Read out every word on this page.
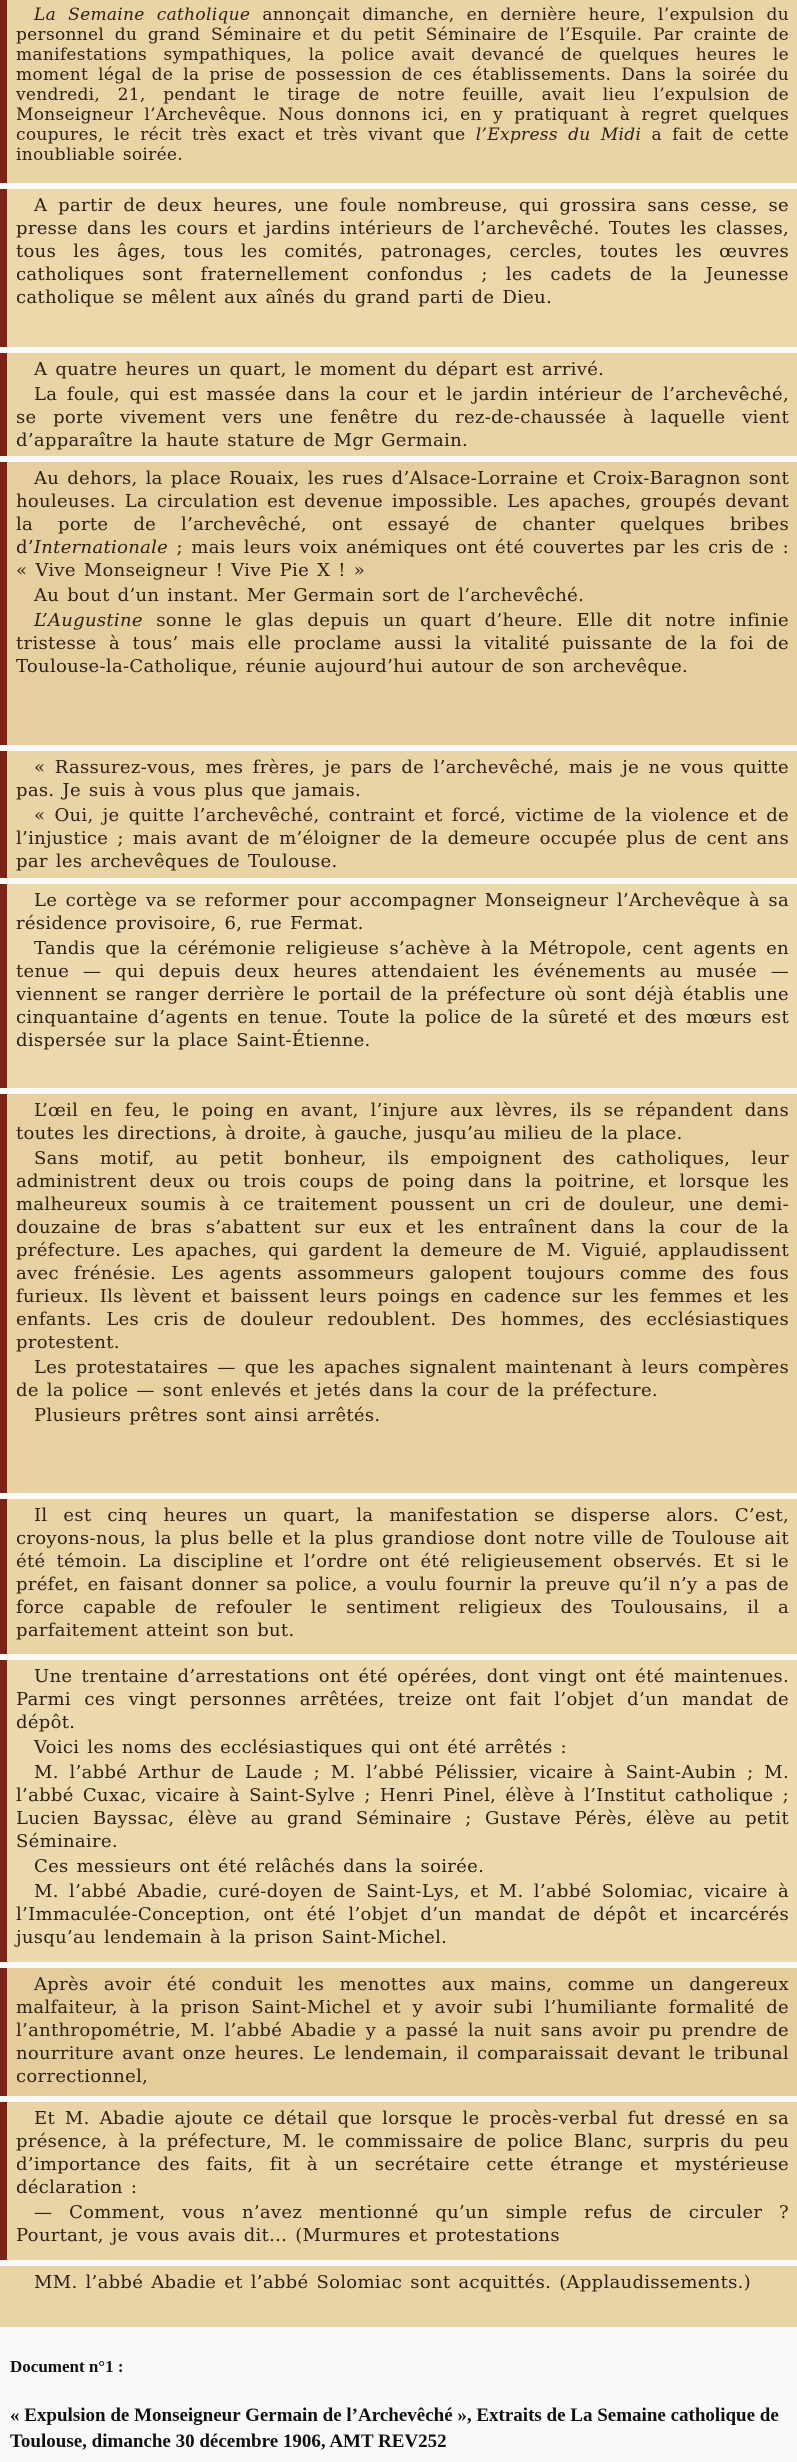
La Semaine catholique annonçait dimanche, en dernière heure, l’expulsion du personnel du grand Séminaire et du petit Séminaire de l’Esquile. Par crainte de manifestations sympathiques, la police avait devancé de quelques heures le moment légal de la prise de possession de ces établissements. Dans la soirée du vendredi, 21, pendant le tirage de notre feuille, avait lieu l’expulsion de Monseigneur l’Archevêque. Nous donnons ici, en y pratiquant à regret quelques coupures, le récit très exact et très vivant que l’Express du Midi a fait de cette inoubliable soirée.

A partir de deux heures, une foule nombreuse, qui grossira sans cesse, se presse dans les cours et jardins intérieurs de l’archevêché. Toutes les classes, tous les âges, tous les comités, patronages, cercles, toutes les œuvres catholiques sont fraternellement confondus ; les cadets de la Jeunesse catholique se mêlent aux aînés du grand parti de Dieu.

A quatre heures un quart, le moment du départ est arrivé.

La foule, qui est massée dans la cour et le jardin intérieur de l’archevêché, se porte vivement vers une fenêtre du rez-de-chaussée à laquelle vient d’apparaître la haute stature de Mgr Germain.

Au dehors, la place Rouaix, les rues d’Alsace-Lorraine et Croix-Baragnon sont houleuses. La circulation est devenue impossible. Les apaches, groupés devant la porte de l’archevêché, ont essayé de chanter quelques bribes d’Internationale ; mais leurs voix anémiques ont été couvertes par les cris de : « Vive Monseigneur ! Vive Pie X ! »

Au bout d’un instant. Mer Germain sort de l’archevêché.

L’Augustine sonne le glas depuis un quart d’heure. Elle dit notre infinie tristesse à tous’ mais elle proclame aussi la vitalité puissante de la foi de Toulouse-la-Catholique, réunie aujourd’hui autour de son archevêque.

« Rassurez-vous, mes frères, je pars de l’archevêché, mais je ne vous quitte pas. Je suis à vous plus que jamais.

« Oui, je quitte l’archevêché, contraint et forcé, victime de la violence et de l’injustice ; mais avant de m’éloigner de la demeure occupée plus de cent ans par les archevêques de Toulouse.

Le cortège va se reformer pour accompagner Monseigneur l’Archevêque à sa résidence provisoire, 6, rue Fermat.

Tandis que la cérémonie religieuse s’achève à la Métropole, cent agents en tenue — qui depuis deux heures attendaient les événements au musée — viennent se ranger derrière le portail de la préfecture où sont déjà établis une cinquantaine d’agents en tenue. Toute la police de la sûreté et des mœurs est dispersée sur la place Saint-Étienne.

L’œil en feu, le poing en avant, l’injure aux lèvres, ils se répandent dans toutes les directions, à droite, à gauche, jusqu’au milieu de la place.

Sans motif, au petit bonheur, ils empoignent des catholiques, leur administrent deux ou trois coups de poing dans la poitrine, et lorsque les malheureux soumis à ce traitement poussent un cri de douleur, une demi-douzaine de bras s’abattent sur eux et les entraînent dans la cour de la préfecture. Les apaches, qui gardent la demeure de M. Viguié, applaudissent avec frénésie. Les agents assommeurs galopent toujours comme des fous furieux. Ils lèvent et baissent leurs poings en cadence sur les femmes et les enfants. Les cris de douleur redoublent. Des hommes, des ecclésiastiques protestent.

Les protestataires — que les apaches signalent maintenant à leurs compères de la police — sont enlevés et jetés dans la cour de la préfecture.

Plusieurs prêtres sont ainsi arrêtés.

Il est cinq heures un quart, la manifestation se disperse alors. C’est, croyons-nous, la plus belle et la plus grandiose dont notre ville de Toulouse ait été témoin. La discipline et l’ordre ont été religieusement observés. Et si le préfet, en faisant donner sa police, a voulu fournir la preuve qu’il n’y a pas de force capable de refouler le sentiment religieux des Toulousains, il a parfaitement atteint son but.

Une trentaine d’arrestations ont été opérées, dont vingt ont été maintenues. Parmi ces vingt personnes arrêtées, treize ont fait l’objet d’un mandat de dépôt.

Voici les noms des ecclésiastiques qui ont été arrêtés :

M. l’abbé Arthur de Laude ; M. l’abbé Pélissier, vicaire à Saint-Aubin ; M. l’abbé Cuxac, vicaire à Saint-Sylve ; Henri Pinel, élève à l’Institut catholique ; Lucien Bayssac, élève au grand Séminaire ; Gustave Pérès, élève au petit Séminaire.

Ces messieurs ont été relâchés dans la soirée.

M. l’abbé Abadie, curé-doyen de Saint-Lys, et M. l’abbé Solomiac, vicaire à l’Immaculée-Conception, ont été l’objet d’un mandat de dépôt et incarcérés jusqu’au lendemain à la prison Saint-Michel.

Après avoir été conduit les menottes aux mains, comme un dangereux malfaiteur, à la prison Saint-Michel et y avoir subi l’humiliante formalité de l’anthropométrie, M. l’abbé Abadie y a passé la nuit sans avoir pu prendre de nourriture avant onze heures. Le lendemain, il comparaissait devant le tribunal correctionnel,

Et M. Abadie ajoute ce détail que lorsque le procès-verbal fut dressé en sa présence, à la préfecture, M. le commissaire de police Blanc, surpris du peu d’importance des faits, fit à un secrétaire cette étrange et mystérieuse déclaration :

— Comment, vous n’avez mentionné qu’un simple refus de circuler ? Pourtant, je vous avais dit... (Murmures et protestations

MM. l’abbé Abadie et l’abbé Solomiac sont acquittés. (Applaudissements.)

Document n°1 :

« Expulsion de Monseigneur Germain de l’Archevêché », Extraits de La Semaine catholique de Toulouse, dimanche 30 décembre 1906, AMT REV252
